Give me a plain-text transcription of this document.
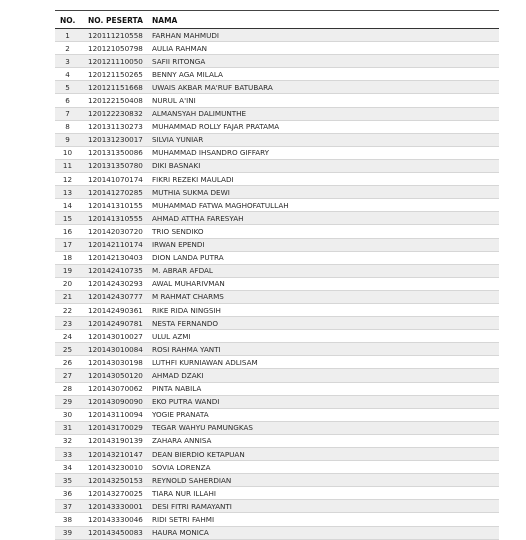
NO.	NO. PESERTA	NAMA
1	120111210558	FARHAN MAHMUDI
2	120121050798	AULIA RAHMAN
3	120121110050	SAFII RITONGA
4	120121150265	BENNY AGA MILALA
5	120121151668	UWAIS AKBAR MA'RUF BATUBARA
6	120122150408	NURUL A'INI
7	120122230832	ALMANSYAH DALIMUNTHE
8	120131130273	MUHAMMAD ROLLY FAJAR PRATAMA
9	120131230017	SILVIA YUNIAR
10	120131350086	MUHAMMAD IHSANDRO GIFFARY
11	120131350780	DIKI BASNAKI
12	120141070174	FIKRI REZEKI MAULADI
13	120141270285	MUTHIA SUKMA DEWI
14	120141310155	MUHAMMAD FATWA MAGHOFATULLAH
15	120141310555	AHMAD ATTHA FARESYAH
16	120142030720	TRIO SENDIKO
17	120142110174	IRWAN EPENDI
18	120142130403	DION LANDA PUTRA
19	120142410735	M. ABRAR AFDAL
20	120142430293	AWAL MUHARIVMAN
21	120142430777	M RAHMAT CHARMS
22	120142490361	RIKE RIDA NINGSIH
23	120142490781	NESTA FERNANDO
24	120143010027	ULUL AZMI
25	120143010084	ROSI RAHMA YANTI
26	120143030198	LUTHFI KURNIAWAN ADLISAM
27	120143050120	AHMAD DZAKI
28	120143070062	PINTA NABILA
29	120143090090	EKO PUTRA WANDI
30	120143110094	YOGIE PRANATA
31	120143170029	TEGAR WAHYU PAMUNGKAS
32	120143190139	ZAHARA ANNISA
33	120143210147	DEAN BIERDIO KETAPUAN
34	120143230010	SOVIA LORENZA
35	120143250153	REYNOLD SAHERDIAN
36	120143270025	TIARA NUR ILLAHI
37	120143330001	DESI FITRI RAMAYANTI
38	120143330046	RIDI SETRI FAHMI
39	120143450083	HAURA MONICA
